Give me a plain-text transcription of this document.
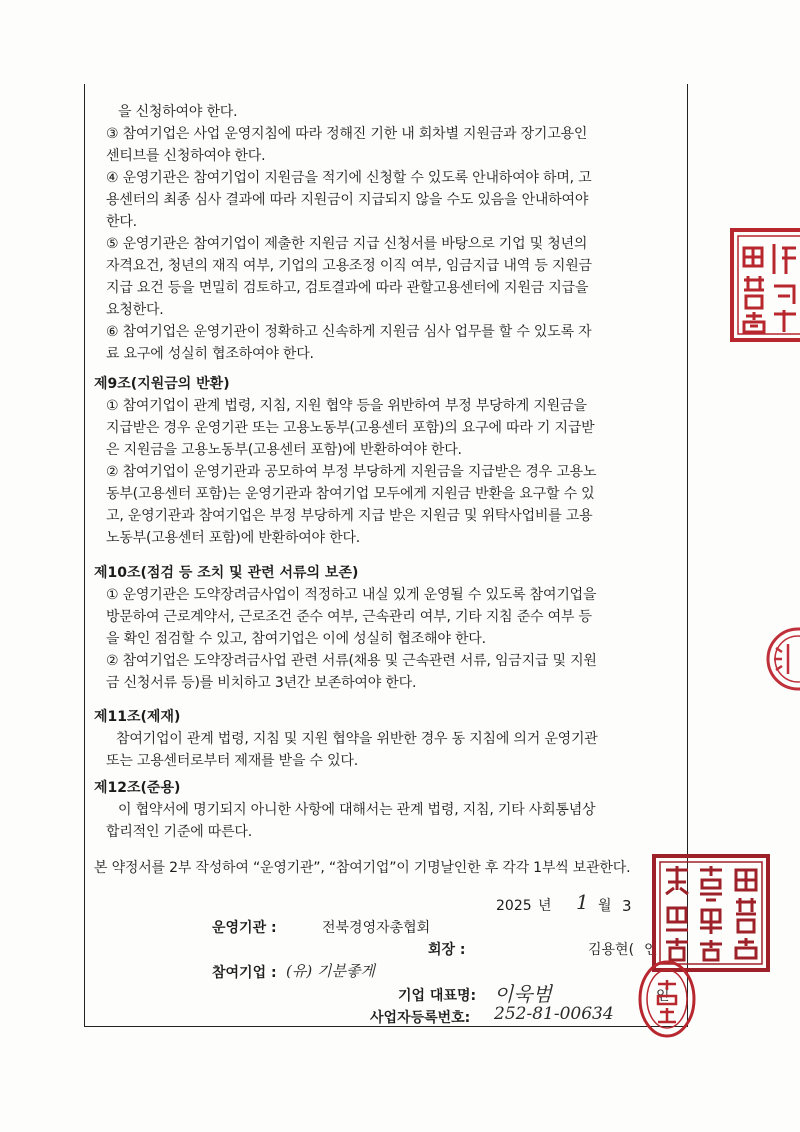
을 신청하여야 한다.
③ 참여기업은 사업 운영지침에 따라 정해진 기한 내 회차별 지원금과 장기고용인
센티브를 신청하여야 한다.
④ 운영기관은 참여기업이 지원금을 적기에 신청할 수 있도록 안내하여야 하며, 고
용센터의 최종 심사 결과에 따라 지원금이 지급되지 않을 수도 있음을 안내하여야
한다.
⑤ 운영기관은 참여기업이 제출한 지원금 지급 신청서를 바탕으로 기업 및 청년의
자격요건, 청년의 재직 여부, 기업의 고용조정 이직 여부, 임금지급 내역 등 지원금
지급 요건 등을 면밀히 검토하고, 검토결과에 따라 관할고용센터에 지원금 지급을
요청한다.
⑥ 참여기업은 운영기관이 정확하고 신속하게 지원금 심사 업무를 할 수 있도록 자
료 요구에 성실히 협조하여야 한다.
제9조(지원금의 반환)
① 참여기업이 관계 법령, 지침, 지원 협약 등을 위반하여 부정 부당하게 지원금을
지급받은 경우 운영기관 또는 고용노동부(고용센터 포함)의 요구에 따라 기 지급받
은 지원금을 고용노동부(고용센터 포함)에 반환하여야 한다.
② 참여기업이 운영기관과 공모하여 부정 부당하게 지원금을 지급받은 경우 고용노
동부(고용센터 포함)는 운영기관과 참여기업 모두에게 지원금 반환을 요구할 수 있
고, 운영기관과 참여기업은 부정 부당하게 지급 받은 지원금 및 위탁사업비를 고용
노동부(고용센터 포함)에 반환하여야 한다.
제10조(점검 등 조치 및 관련 서류의 보존)
① 운영기관은 도약장려금사업이 적정하고 내실 있게 운영될 수 있도록 참여기업을
방문하여 근로계약서, 근로조건 준수 여부, 근속관리 여부, 기타 지침 준수 여부 등
을 확인 점검할 수 있고, 참여기업은 이에 성실히 협조해야 한다.
② 참여기업은 도약장려금사업 관련 서류(채용 및 근속관련 서류, 임금지급 및 지원
금 신청서류 등)를 비치하고 3년간 보존하여야 한다.
제11조(제재)
참여기업이 관계 법령, 지침 및 지원 협약을 위반한 경우 동 지침에 의거 운영기관
또는 고용센터로부터 제재를 받을 수 있다.
제12조(준용)
이 협약서에 명기되지 아니한 사항에 대해서는 관계 법령, 지침, 기타 사회통념상
합리적인 기준에 따른다.
본 약정서를 2부 작성하여 “운영기관”, “참여기업”이 기명날인한 후 각각 1부씩 보관한다.
2025 년 1 월 3
운영기관 :	전북경영자총협회
회장 :	김용현( 인
참여기업 : (유) 기분좋게
기업 대표명: 이욱범	인
사업자등록번호: 252-81-00634
